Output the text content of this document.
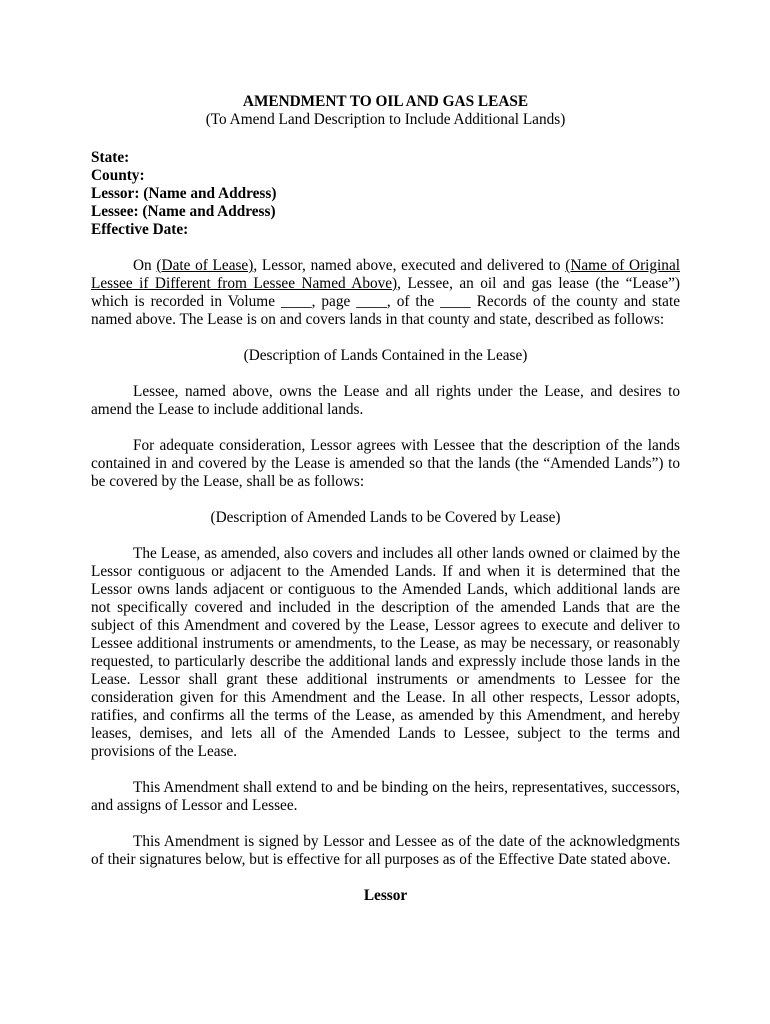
AMENDMENT TO OIL AND GAS LEASE
(To Amend Land Description to Include Additional Lands)
State:
County:
Lessor: (Name and Address)
Lessee: (Name and Address)
Effective Date:

On (Date of Lease), Lessor, named above, executed and delivered to (Name of Original Lessee if Different from Lessee Named Above), Lessee, an oil and gas lease (the “Lease”) which is recorded in Volume ____, page ____, of the ____ Records of the county and state named above. The Lease is on and covers lands in that county and state, described as follows:

(Description of Lands Contained in the Lease)

Lessee, named above, owns the Lease and all rights under the Lease, and desires to amend the Lease to include additional lands.

For adequate consideration, Lessor agrees with Lessee that the description of the lands contained in and covered by the Lease is amended so that the lands (the “Amended Lands”) to be covered by the Lease, shall be as follows:

(Description of Amended Lands to be Covered by Lease)

The Lease, as amended, also covers and includes all other lands owned or claimed by the Lessor contiguous or adjacent to the Amended Lands. If and when it is determined that the Lessor owns lands adjacent or contiguous to the Amended Lands, which additional lands are not specifically covered and included in the description of the amended Lands that are the subject of this Amendment and covered by the Lease, Lessor agrees to execute and deliver to Lessee additional instruments or amendments, to the Lease, as may be necessary, or reasonably requested, to particularly describe the additional lands and expressly include those lands in the Lease. Lessor shall grant these additional instruments or amendments to Lessee for the consideration given for this Amendment and the Lease. In all other respects, Lessor adopts, ratifies, and confirms all the terms of the Lease, as amended by this Amendment, and hereby leases, demises, and lets all of the Amended Lands to Lessee, subject to the terms and provisions of the Lease.

This Amendment shall extend to and be binding on the heirs, representatives, successors, and assigns of Lessor and Lessee.

This Amendment is signed by Lessor and Lessee as of the date of the acknowledgments of their signatures below, but is effective for all purposes as of the Effective Date stated above.

Lessor
